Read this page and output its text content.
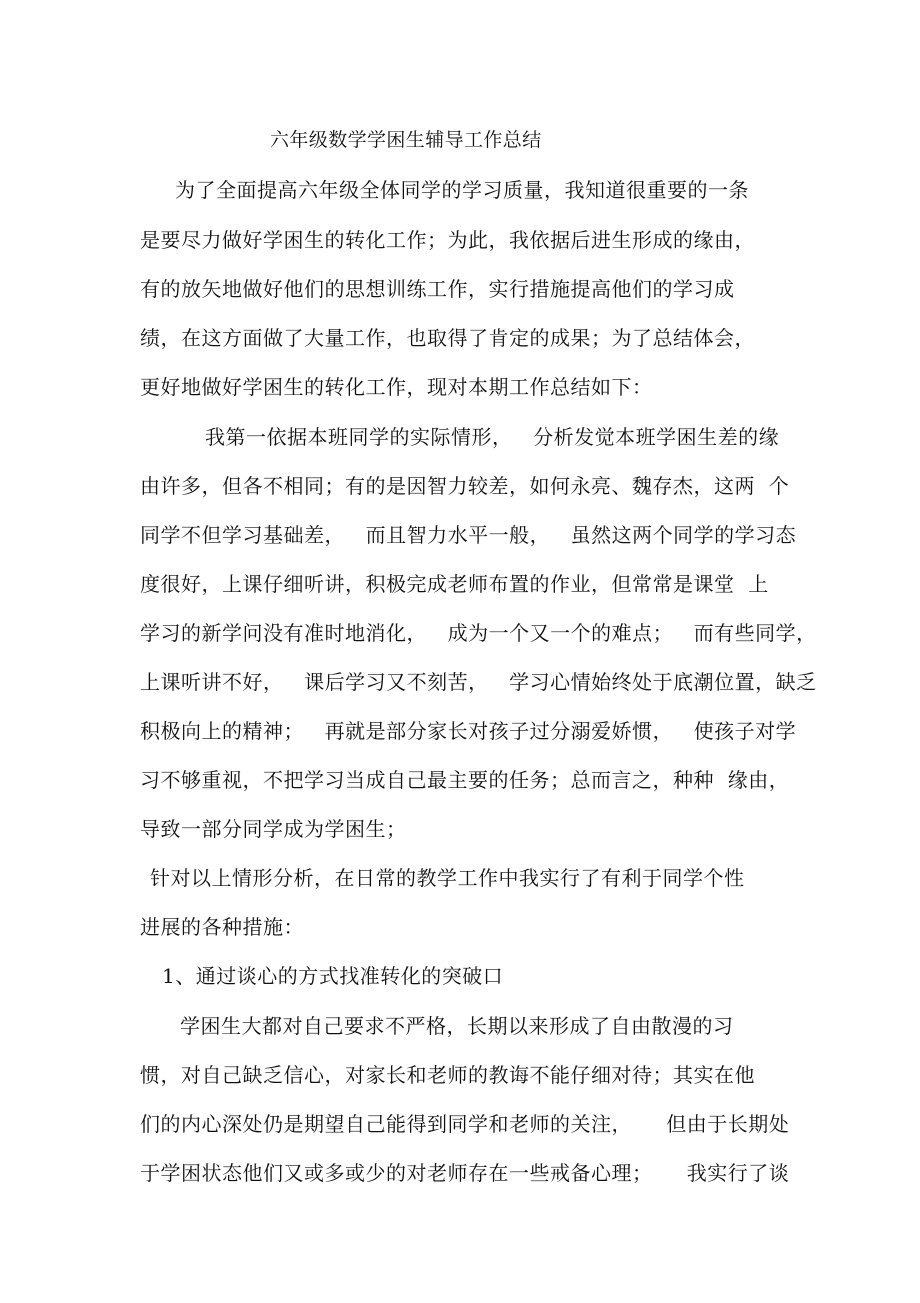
六年级数学学困生辅导工作总结
为了全面提高六年级全体同学的学习质量，我知道很重要的一条
是要尽力做好学困生的转化工作；为此，我依据后进生形成的缘由，
有的放矢地做好他们的思想训练工作，实行措施提高他们的学习成
绩，在这方面做了大量工作，也取得了肯定的成果；为了总结体会，
更好地做好学困生的转化工作，现对本期工作总结如下：
我第一依据本班同学的实际情形，   分析发觉本班学困生差的缘
由许多，但各不相同；有的是因智力较差，如何永亮、魏存杰，这两  个
同学不但学习基础差，   而且智力水平一般，   虽然这两个同学的学习态
度很好，上课仔细听讲，积极完成老师布置的作业，但常常是课堂  上
学习的新学问没有准时地消化，   成为一个又一个的难点；   而有些同学，
上课听讲不好，   课后学习又不刻苦，   学习心情始终处于底潮位置，缺乏
积极向上的精神；   再就是部分家长对孩子过分溺爱娇惯，   使孩子对学
习不够重视，不把学习当成自己最主要的任务；总而言之，种种  缘由，
导致一部分同学成为学困生；
针对以上情形分析，在日常的教学工作中我实行了有利于同学个性
进展的各种措施：
1、通过谈心的方式找准转化的突破口
学困生大都对自己要求不严格，长期以来形成了自由散漫的习
惯，对自己缺乏信心，对家长和老师的教诲不能仔细对待；其实在他
们的内心深处仍是期望自己能得到同学和老师的关注，     但由于长期处
于学困状态他们又或多或少的对老师存在一些戒备心理；     我实行了谈
